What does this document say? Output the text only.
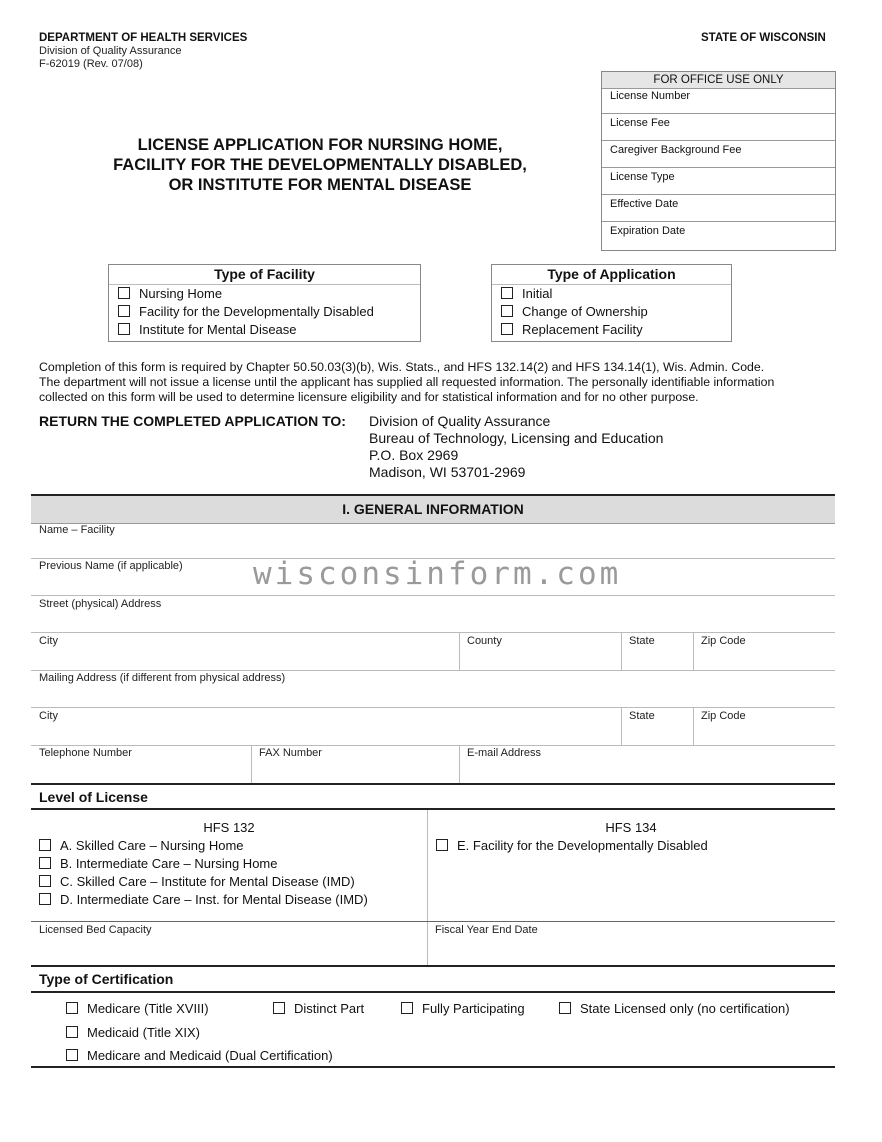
DEPARTMENT OF HEALTH SERVICES
Division of Quality Assurance
F-62019 (Rev. 07/08)
STATE OF WISCONSIN
LICENSE APPLICATION FOR NURSING HOME,
FACILITY FOR THE DEVELOPMENTALLY DISABLED,
OR INSTITUTE FOR MENTAL DISEASE
FOR OFFICE USE ONLY
License Number
License Fee
Caregiver Background Fee
License Type
Effective Date
Expiration Date
Type of Facility
Nursing Home
Facility for the Developmentally Disabled
Institute for Mental Disease
Type of Application
Initial
Change of Ownership
Replacement Facility
Completion of this form is required by Chapter 50.50.03(3)(b), Wis. Stats., and HFS 132.14(2) and HFS 134.14(1), Wis. Admin. Code.
The department will not issue a license until the applicant has supplied all requested information. The personally identifiable information
collected on this form will be used to determine licensure eligibility and for statistical information and for no other purpose.
RETURN THE COMPLETED APPLICATION TO: Division of Quality Assurance
Bureau of Technology, Licensing and Education
P.O. Box 2969
Madison, WI 53701-2969
I. GENERAL INFORMATION
Name – Facility
Previous Name (if applicable)
Street (physical) Address
City	County	State	Zip Code
Mailing Address (if different from physical address)
City	State	Zip Code
Telephone Number	FAX Number	E-mail Address
wisconsinform.com
Level of License
HFS 132	HFS 134
A. Skilled Care – Nursing Home
B. Intermediate Care – Nursing Home
C. Skilled Care – Institute for Mental Disease (IMD)
D. Intermediate Care – Inst. for Mental Disease (IMD)
E. Facility for the Developmentally Disabled
Licensed Bed Capacity	Fiscal Year End Date
Type of Certification
Medicare (Title XVIII)	Distinct Part	Fully Participating	State Licensed only (no certification)
Medicaid (Title XIX)
Medicare and Medicaid (Dual Certification)
